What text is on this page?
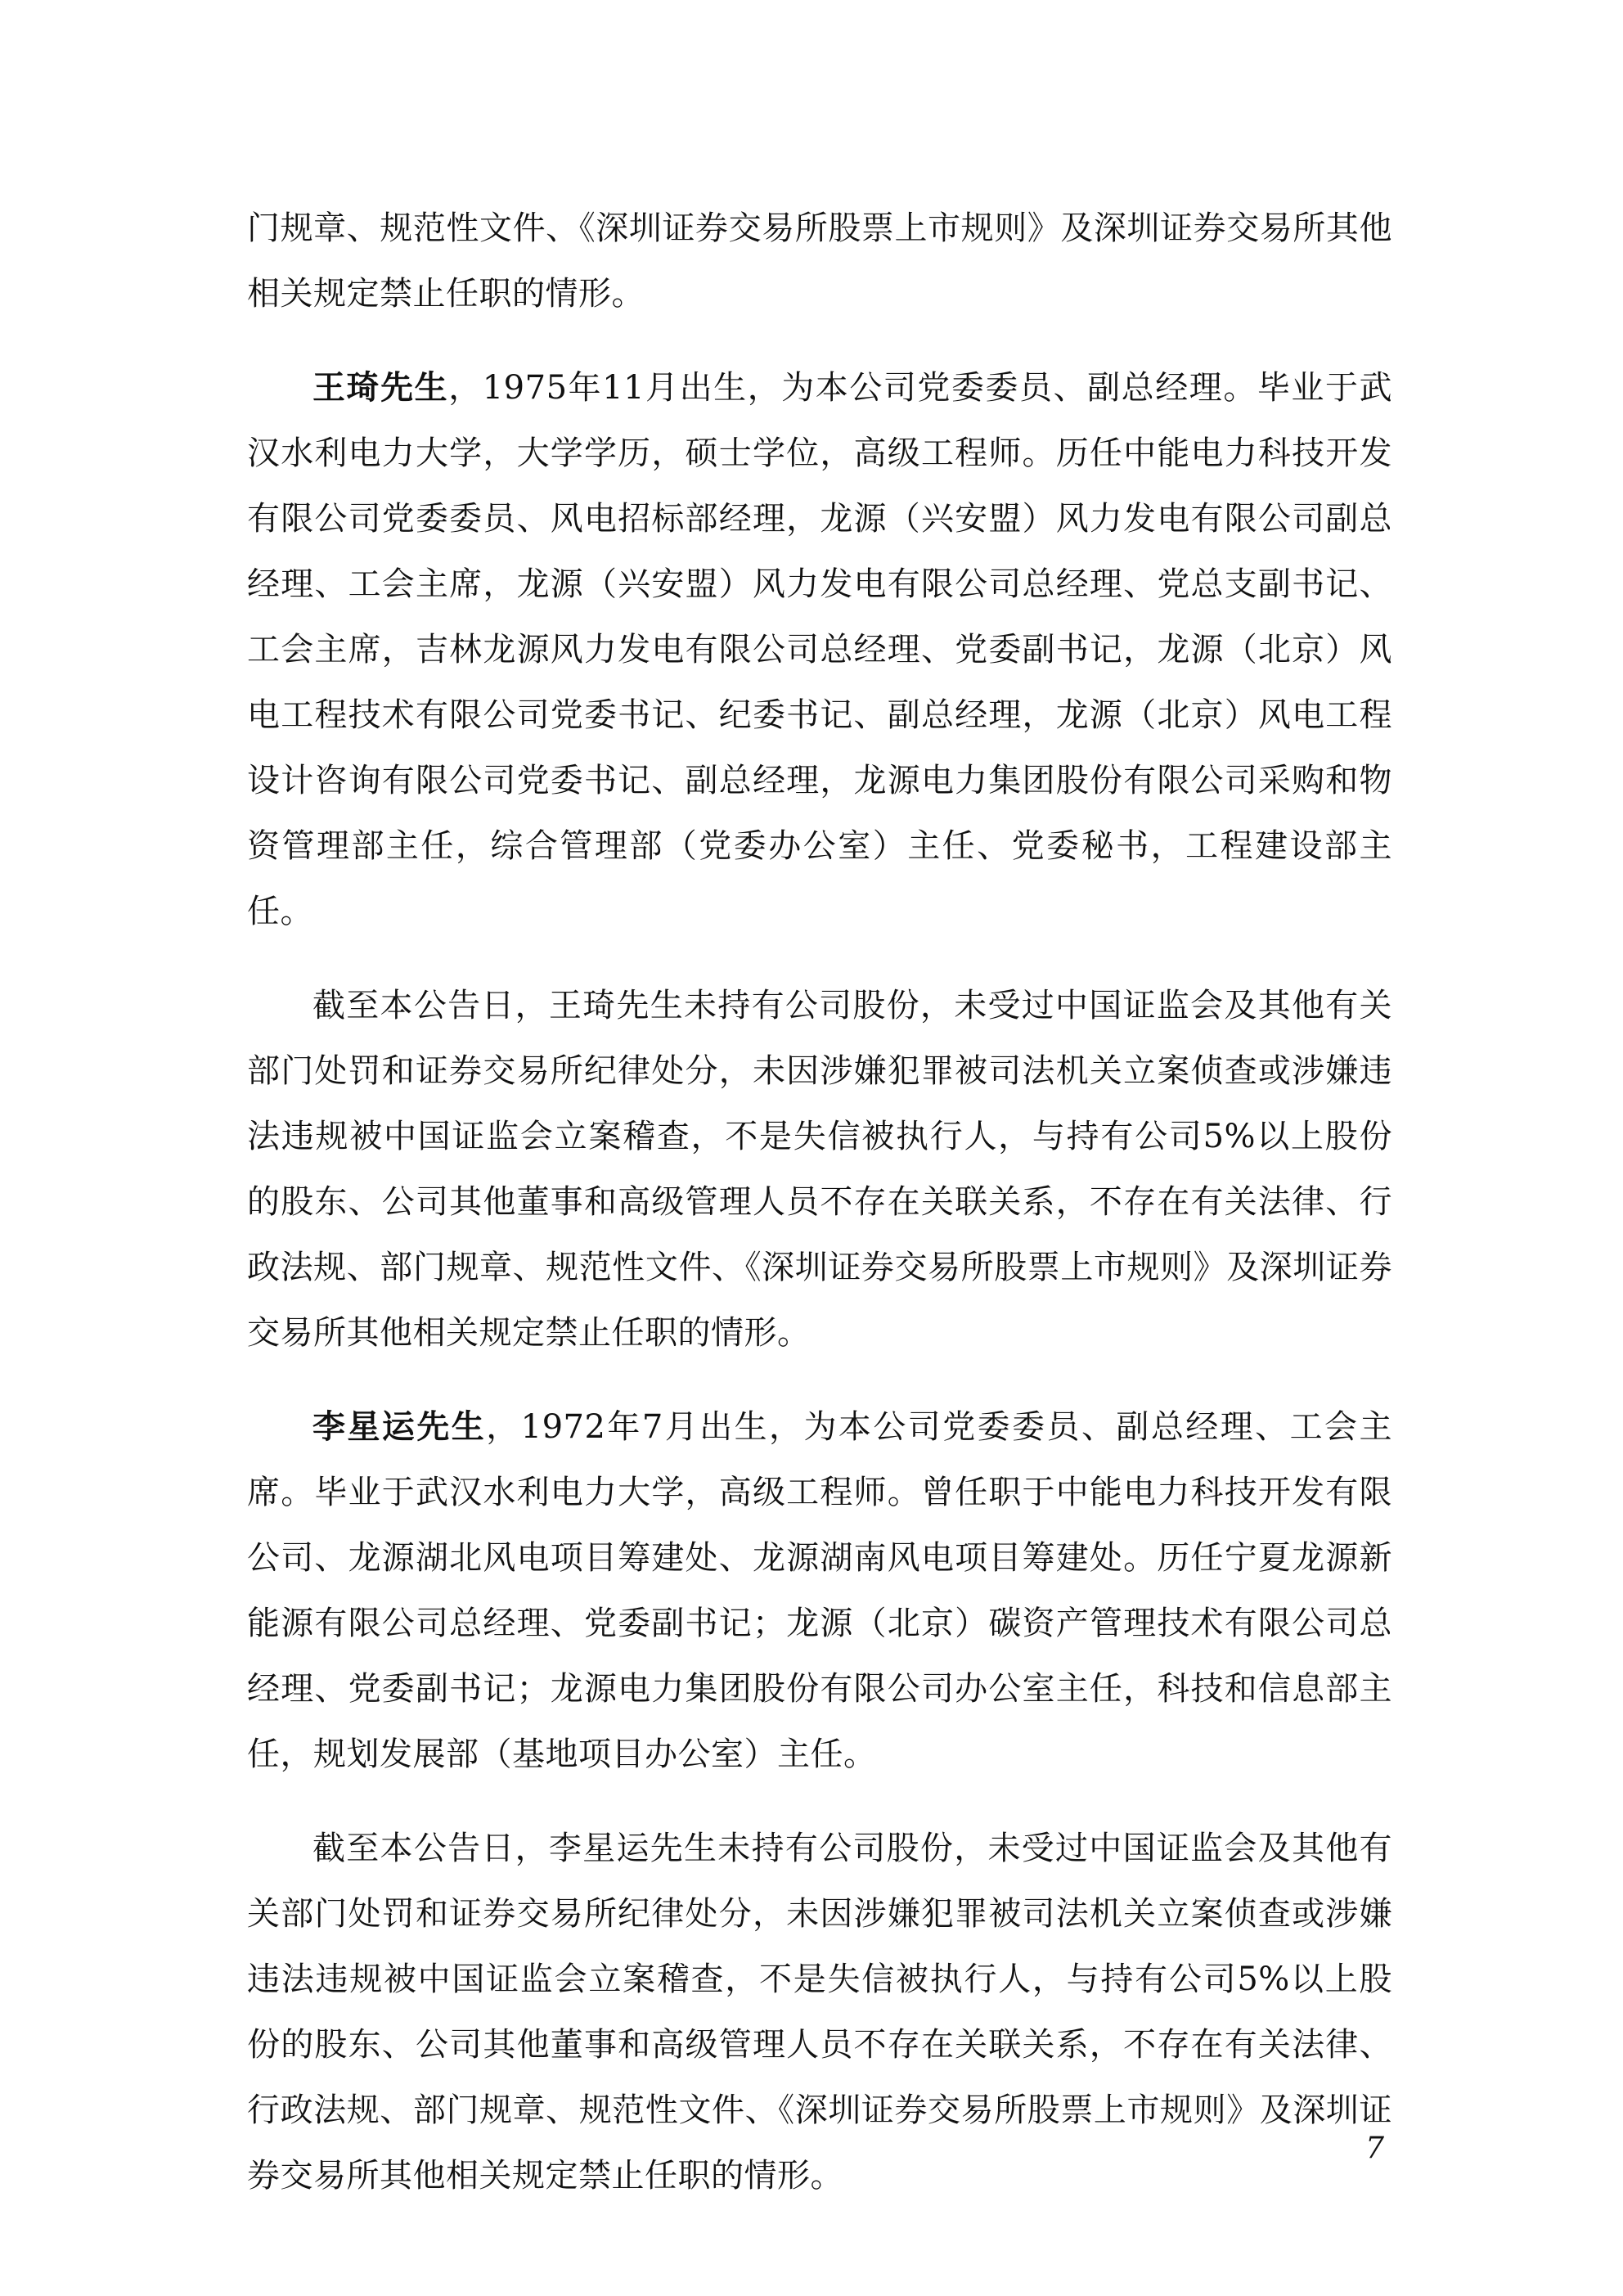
门规章、规范性文件、《深圳证券交易所股票上市规则》及深圳证券交易所其他相关规定禁止任职的情形。

王琦先生，1975年11月出生，为本公司党委委员、副总经理。毕业于武汉水利电力大学，大学学历，硕士学位，高级工程师。历任中能电力科技开发有限公司党委委员、风电招标部经理，龙源（兴安盟）风力发电有限公司副总经理、工会主席，龙源（兴安盟）风力发电有限公司总经理、党总支副书记、工会主席，吉林龙源风力发电有限公司总经理、党委副书记，龙源（北京）风电工程技术有限公司党委书记、纪委书记、副总经理，龙源（北京）风电工程设计咨询有限公司党委书记、副总经理，龙源电力集团股份有限公司采购和物资管理部主任，综合管理部（党委办公室）主任、党委秘书，工程建设部主任。

截至本公告日，王琦先生未持有公司股份，未受过中国证监会及其他有关部门处罚和证券交易所纪律处分，未因涉嫌犯罪被司法机关立案侦查或涉嫌违法违规被中国证监会立案稽查，不是失信被执行人，与持有公司5%以上股份的股东、公司其他董事和高级管理人员不存在关联关系，不存在有关法律、行政法规、部门规章、规范性文件、《深圳证券交易所股票上市规则》及深圳证券交易所其他相关规定禁止任职的情形。

李星运先生，1972年7月出生，为本公司党委委员、副总经理、工会主席。毕业于武汉水利电力大学，高级工程师。曾任职于中能电力科技开发有限公司、龙源湖北风电项目筹建处、龙源湖南风电项目筹建处。历任宁夏龙源新能源有限公司总经理、党委副书记；龙源（北京）碳资产管理技术有限公司总经理、党委副书记；龙源电力集团股份有限公司办公室主任，科技和信息部主任，规划发展部（基地项目办公室）主任。

截至本公告日，李星运先生未持有公司股份，未受过中国证监会及其他有关部门处罚和证券交易所纪律处分，未因涉嫌犯罪被司法机关立案侦查或涉嫌违法违规被中国证监会立案稽查，不是失信被执行人，与持有公司5%以上股份的股东、公司其他董事和高级管理人员不存在关联关系，不存在有关法律、行政法规、部门规章、规范性文件、《深圳证券交易所股票上市规则》及深圳证券交易所其他相关规定禁止任职的情形。

7
